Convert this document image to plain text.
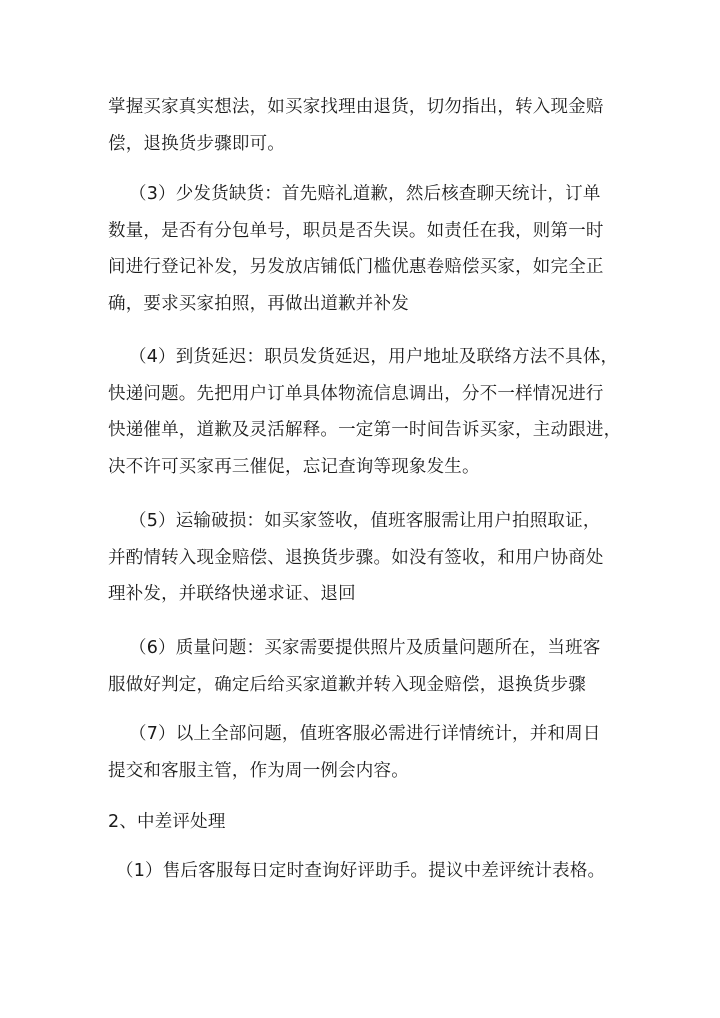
掌握买家真实想法，如买家找理由退货，切勿指出，转入现金赔
偿，退换货步骤即可。
（3）少发货缺货：首先赔礼道歉，然后核查聊天统计，订单
数量，是否有分包单号，职员是否失误。如责任在我，则第一时
间进行登记补发，另发放店铺低门槛优惠卷赔偿买家，如完全正
确，要求买家拍照，再做出道歉并补发
（4）到货延迟：职员发货延迟，用户地址及联络方法不具体，
快递问题。先把用户订单具体物流信息调出，分不一样情况进行
快递催单，道歉及灵活解释。一定第一时间告诉买家，主动跟进，
决不许可买家再三催促，忘记查询等现象发生。
（5）运输破损：如买家签收，值班客服需让用户拍照取证，
并酌情转入现金赔偿、退换货步骤。如没有签收，和用户协商处
理补发，并联络快递求证、退回
（6）质量问题：买家需要提供照片及质量问题所在，当班客
服做好判定，确定后给买家道歉并转入现金赔偿，退换货步骤
（7）以上全部问题，值班客服必需进行详情统计，并和周日
提交和客服主管，作为周一例会内容。
2、中差评处理
（1）售后客服每日定时查询好评助手。提议中差评统计表格。
